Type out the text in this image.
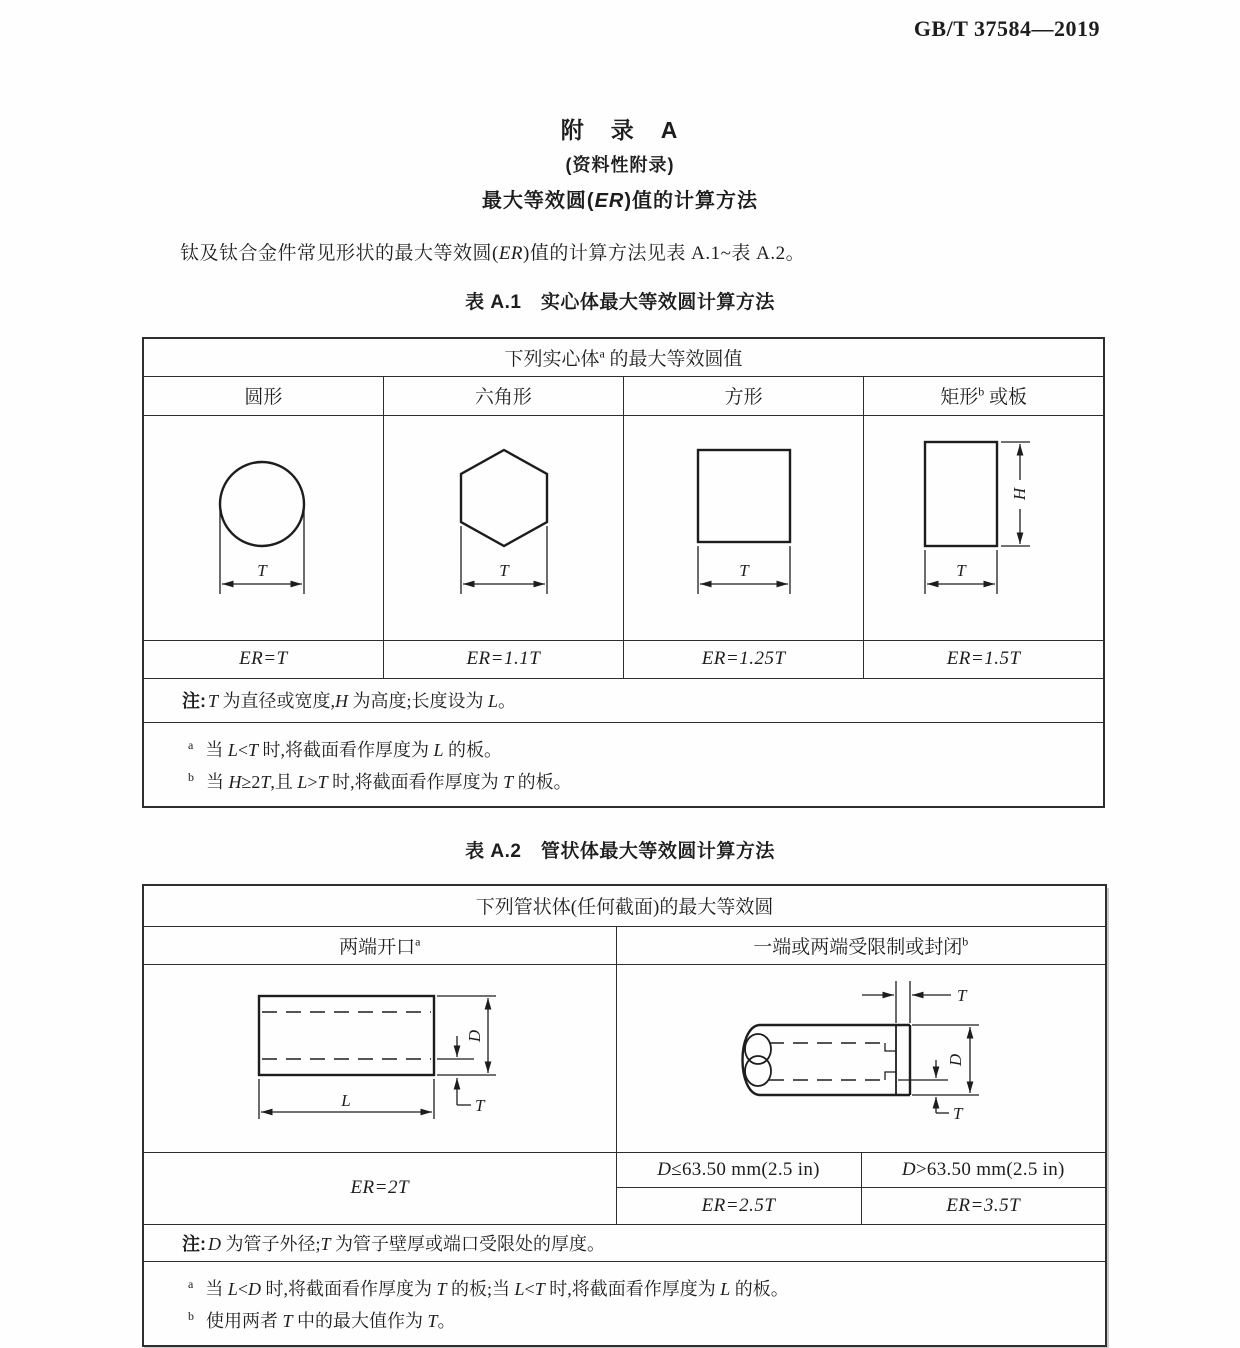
GB/T 37584—2019
附　录　A
(资料性附录)
最大等效圆(ER)值的计算方法
钛及钛合金件常见形状的最大等效圆(ER)值的计算方法见表 A.1~表 A.2。
表 A.1　实心体最大等效圆计算方法
下列实心体$^a$ 的最大等效圆值			
圆形	六角形	方形	矩形$^b$ 或板

T	T	T	T
H

ER=T	ER=1.1T	ER=1.25T	ER=1.5T
注: T 为直径或宽度,H 为高度;长度设为 L。			

$^a$ 当 L<T 时,将截面看作厚度为 L 的板。
$^b$ 当 H≥2T,且 L>T 时,将截面看作厚度为 T 的板。			
表 A.2　管状体最大等效圆计算方法
下列管状体(任何截面)的最大等效圆		
两端开口$^a$	一端或两端受限制或封闭$^b$

D
T
L	T
D
T	

ER=2T	D≤63.50 mm(2.5 in)	D>63.50 mm(2.5 in)
	ER=2.5T	ER=3.5T
注: D 为管子外径;T 为管子壁厚或端口受限处的厚度。		

$^a$ 当 L<D 时,将截面看作厚度为 T 的板;当 L<T 时,将截面看作厚度为 L 的板。
$^b$ 使用两者 T 中的最大值作为 T。		
